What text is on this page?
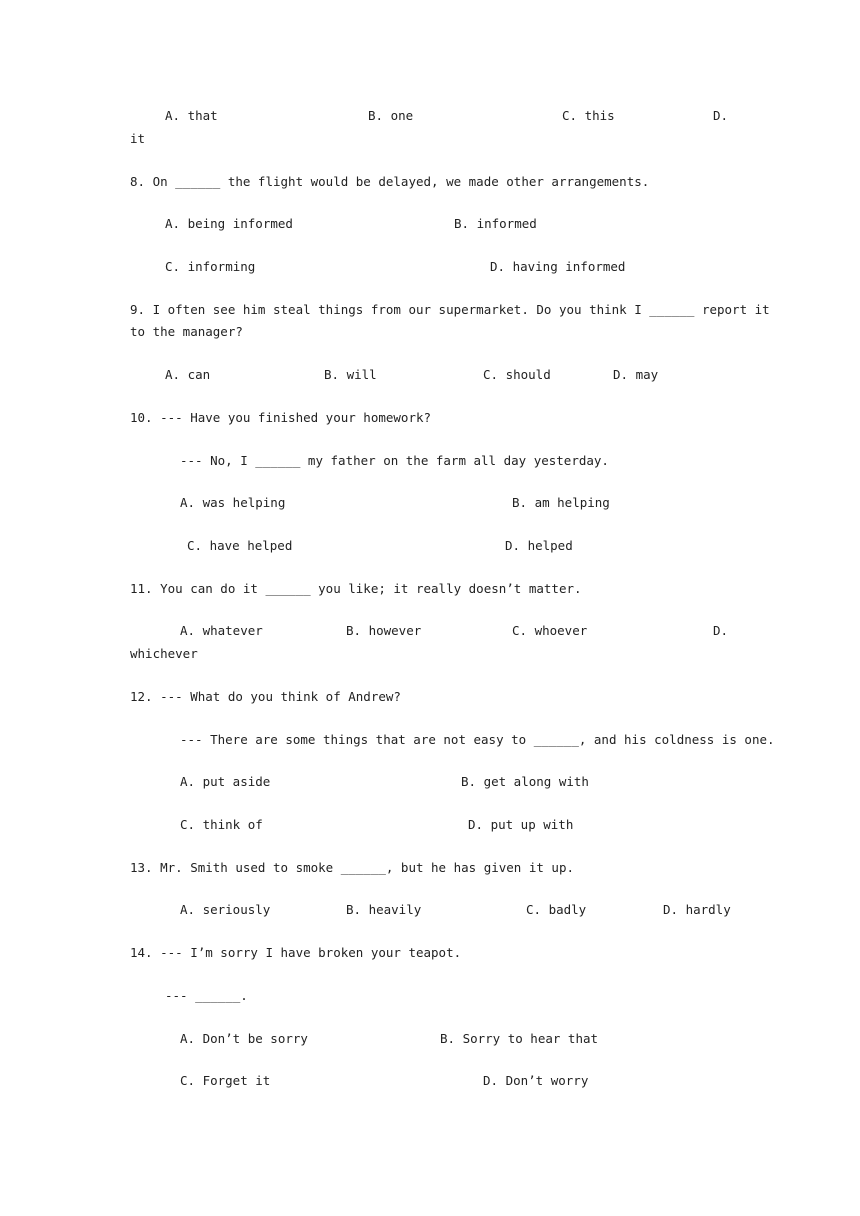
A. that	B. one	C. this	D.
it
8. On ______ the flight would be delayed, we made other arrangements.
A. being informed	B. informed
C. informing	D. having informed
9. I often see him steal things from our supermarket. Do you think I ______ report it
to the manager?
A. can	B. will	C. should	D. may
10. --- Have you finished your homework?
--- No, I ______ my father on the farm all day yesterday.
A. was helping	B. am helping
C. have helped	D. helped
11. You can do it ______ you like; it really doesn’t matter.
A. whatever	B. however	C. whoever	D.
whichever
12. --- What do you think of Andrew?
--- There are some things that are not easy to ______, and his coldness is one.
A. put aside	B. get along with
C. think of	D. put up with
13. Mr. Smith used to smoke ______, but he has given it up.
A. seriously	B. heavily	C. badly	D. hardly
14. --- I’m sorry I have broken your teapot.
--- ______.
A. Don’t be sorry	B. Sorry to hear that
C. Forget it	D. Don’t worry
